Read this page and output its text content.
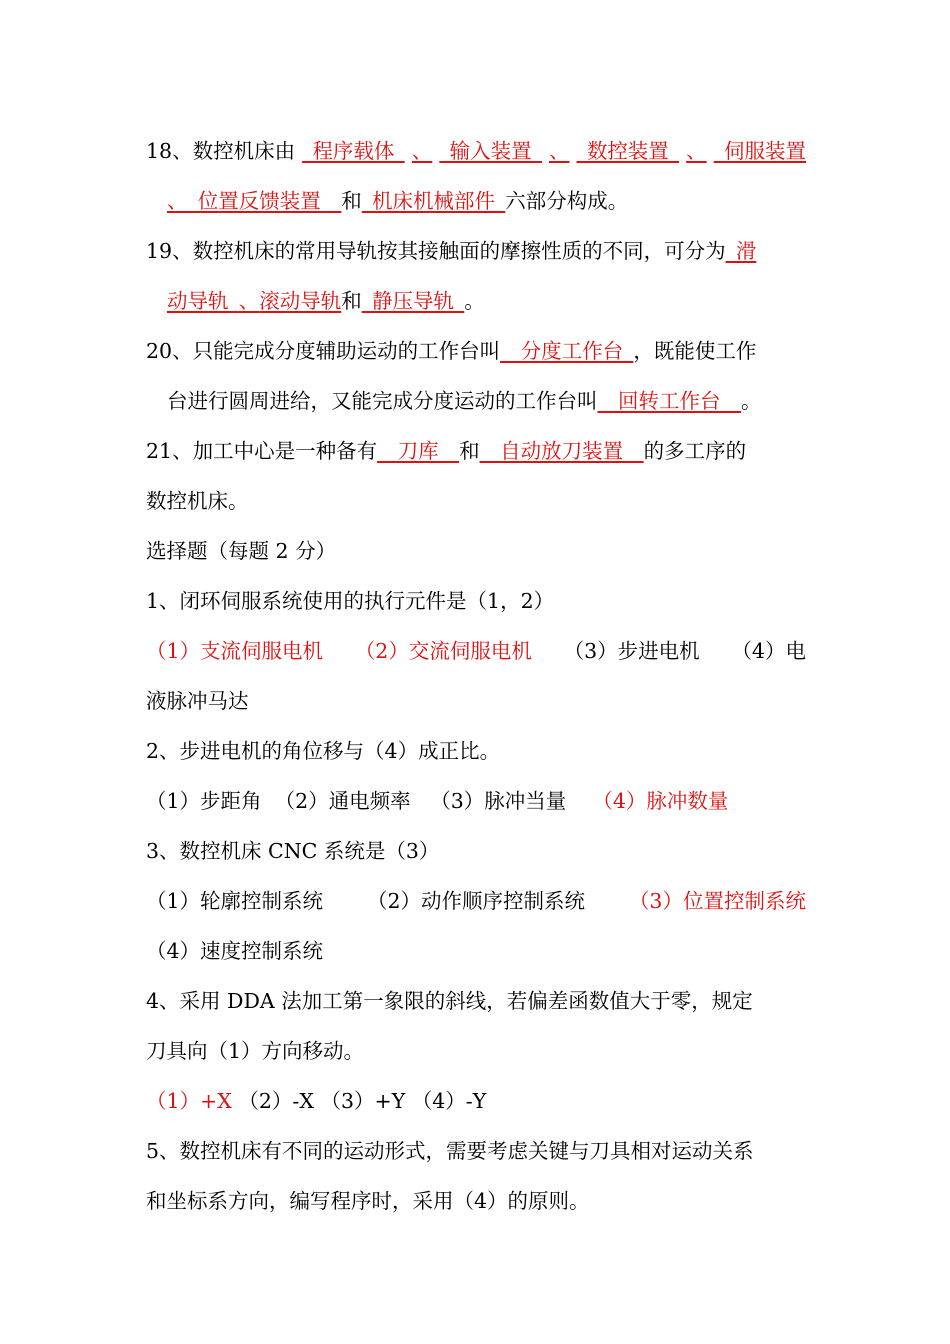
18、数控机床由 _程序载体_ 、 _输入装置_ 、 _数控装置_ 、 _伺服装置
、_位置反馈装置__和_机床机械部件_六部分构成。
19、数控机床的常用导轨按其接触面的摩擦性质的不同，可分为_滑
动导轨_、滚动导轨和_静压导轨_。
20、只能完成分度辅助运动的工作台叫__分度工作台_，既能使工作
台进行圆周进给，又能完成分度运动的工作台叫__回转工作台__。
21、加工中心是一种备有__刀库__和__自动放刀装置__的多工序的
数控机床。
选择题（每题 2 分）
1、闭环伺服系统使用的执行元件是（1，2）
（1）支流伺服电机 （2）交流伺服电机 （3）步进电机 （4）电
液脉冲马达
2、步进电机的角位移与（4）成正比。
（1）步距角 （2）通电频率 （3）脉冲当量 （4）脉冲数量
3、数控机床 CNC 系统是（3）
（1）轮廓控制系统 （2）动作顺序控制系统 （3）位置控制系统
（4）速度控制系统
4、采用 DDA 法加工第一象限的斜线，若偏差函数值大于零，规定
刀具向（1）方向移动。
（1）+X （2）-X （3）+Y （4）-Y
5、数控机床有不同的运动形式，需要考虑关键与刀具相对运动关系
和坐标系方向，编写程序时，采用（4）的原则。
